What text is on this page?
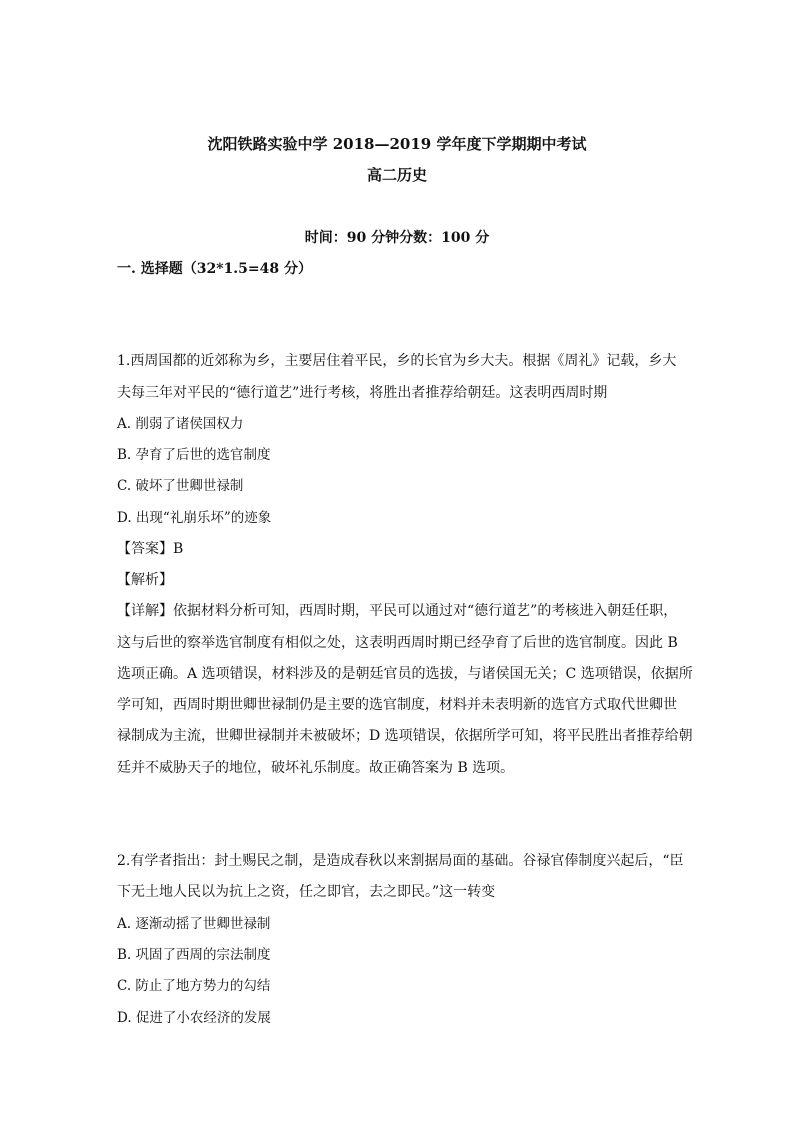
沈阳铁路实验中学 2018—2019 学年度下学期期中考试
高二历史
时间：90 分钟分数：100 分
一. 选择题（32*1.5=48 分）
1.西周国都的近郊称为乡，主要居住着平民，乡的长官为乡大夫。根据《周礼》记载，乡大
夫每三年对平民的“德行道艺”进行考核，将胜出者推荐给朝廷。这表明西周时期
A. 削弱了诸侯国权力
B. 孕育了后世的选官制度
C. 破坏了世卿世禄制
D. 出现“礼崩乐坏”的迹象
【答案】B
【解析】
【详解】依据材料分析可知，西周时期，平民可以通过对“德行道艺”的考核进入朝廷任职，
这与后世的察举选官制度有相似之处，这表明西周时期已经孕育了后世的选官制度。因此 B
选项正确。A 选项错误，材料涉及的是朝廷官员的选拔，与诸侯国无关；C 选项错误，依据所
学可知，西周时期世卿世禄制仍是主要的选官制度，材料并未表明新的选官方式取代世卿世
禄制成为主流，世卿世禄制并未被破坏；D 选项错误，依据所学可知，将平民胜出者推荐给朝
廷并不威胁天子的地位，破坏礼乐制度。故正确答案为 B 选项。
2.有学者指出：封土赐民之制，是造成春秋以来割据局面的基础。谷禄官俸制度兴起后，“臣
下无土地人民以为抗上之资，任之即官，去之即民。”这一转变
A. 逐渐动摇了世卿世禄制
B. 巩固了西周的宗法制度
C. 防止了地方势力的勾结
D. 促进了小农经济的发展
